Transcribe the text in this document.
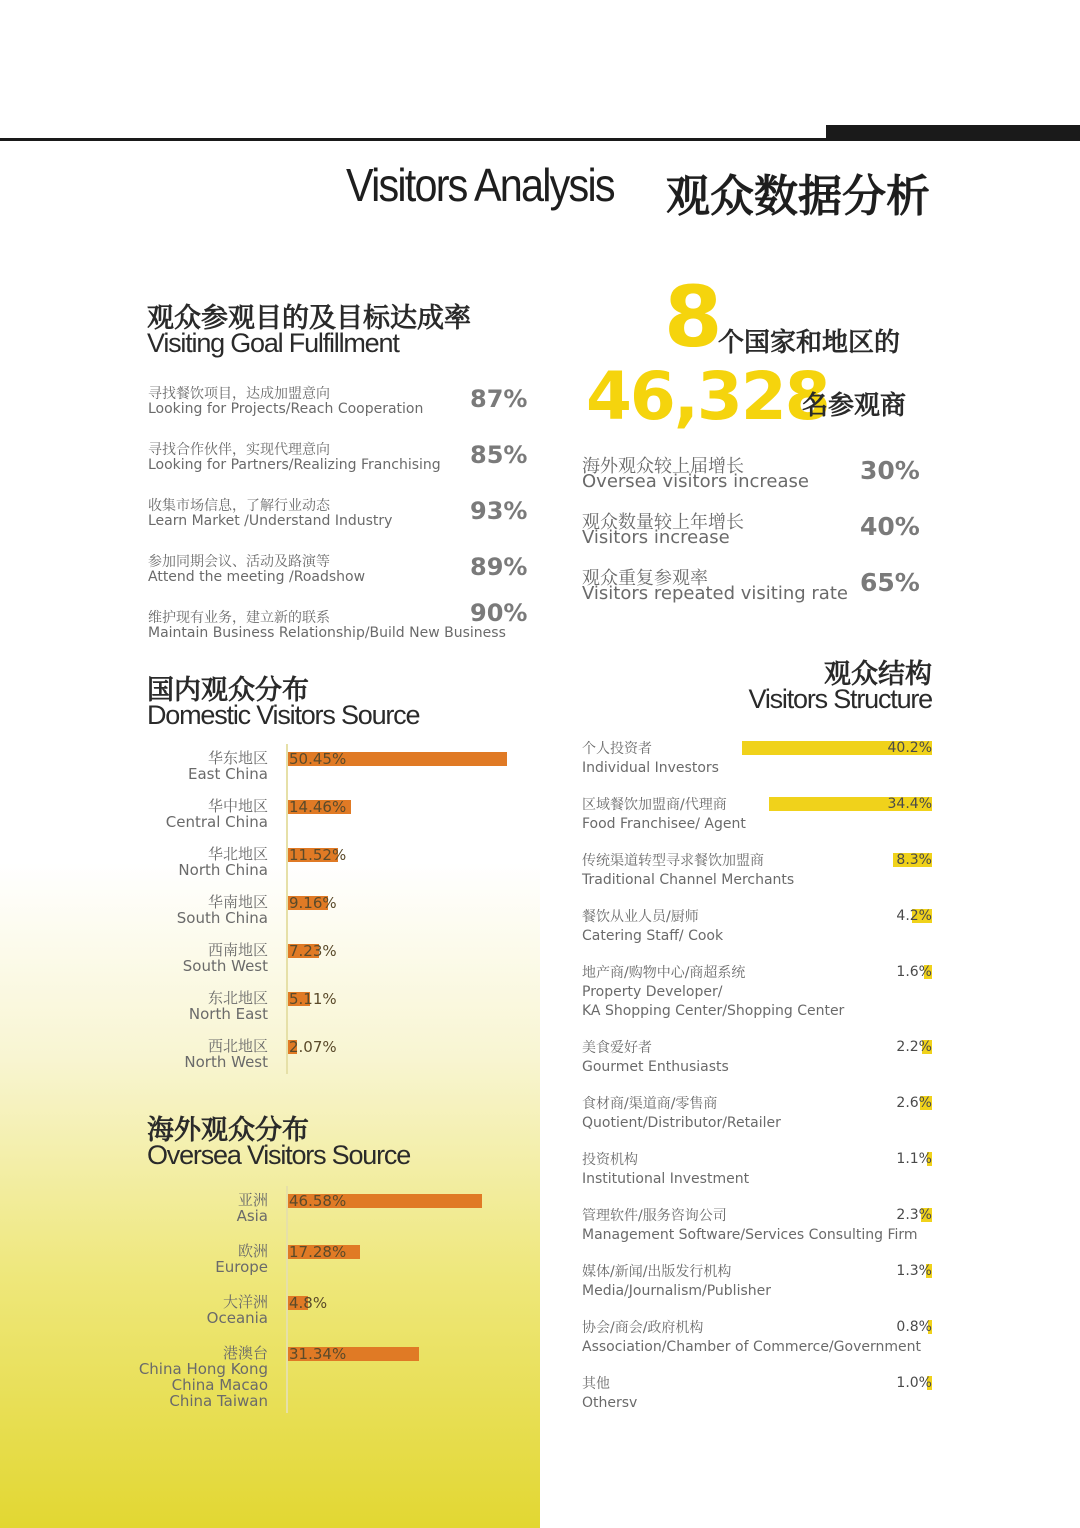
Visitors Analysis 观众数据分析
观众参观目的及目标达成率
Visiting Goal Fulfillment
寻找餐饮项目，达成加盟意向
Looking for Projects/Reach Cooperation 87%
寻找合作伙伴，实现代理意向
Looking for Partners/Realizing Franchising 85%
收集市场信息，了解行业动态
Learn Market /Understand Industry	93%
参加同期会议、活动及路演等
Attend the meeting /Roadshow	89%
维护现有业务，建立新的联系
Maintain Business Relationship/Build New Business
90%
国内观众分布
Domestic Visitors Source
华东地区
East China
50.45%
华中地区
Central China
14.46%
华北地区
North China
11.52%
华南地区
South China
9.16%
西南地区
South West
7.23%
东北地区
North East
5.11%
西北地区
North West
2.07%
海外观众分布
Oversea Visitors Source
亚洲
Asia
46.58%
欧洲
Europe
17.28%
大洋洲
Oceania
4.8%
港澳台
China Hong Kong
China Macao
China Taiwan
31.34%
8
个国家和地区的
46,328
名参观商
海外观众较上届增长
Oversea visitors increase 30%
观众数量较上年增长
Visitors increase	40%
观众重复参观率
Visitors repeated visiting rate 65%
观众结构
Visitors Structure
个人投资者
Individual Investors
40.2%
区域餐饮加盟商/代理商
Food Franchisee/ Agent
34.4%
传统渠道转型寻求餐饮加盟商
Traditional Channel Merchants
8.3%
餐饮从业人员/厨师
Catering Staff/ Cook
4.2%
地产商/购物中心/商超系统
Property Developer/
KA Shopping Center/Shopping Center
1.6%
美食爱好者
Gourmet Enthusiasts
2.2%
食材商/渠道商/零售商
Quotient/Distributor/Retailer
2.6%
投资机构
Institutional Investment
1.1%
管理软件/服务咨询公司
Management Software/Services Consulting Firm
2.3%
媒体/新闻/出版发行机构
Media/Journalism/Publisher
1.3%
协会/商会/政府机构
Association/Chamber of Commerce/Government
0.8%
其他
Othersv
1.0%
